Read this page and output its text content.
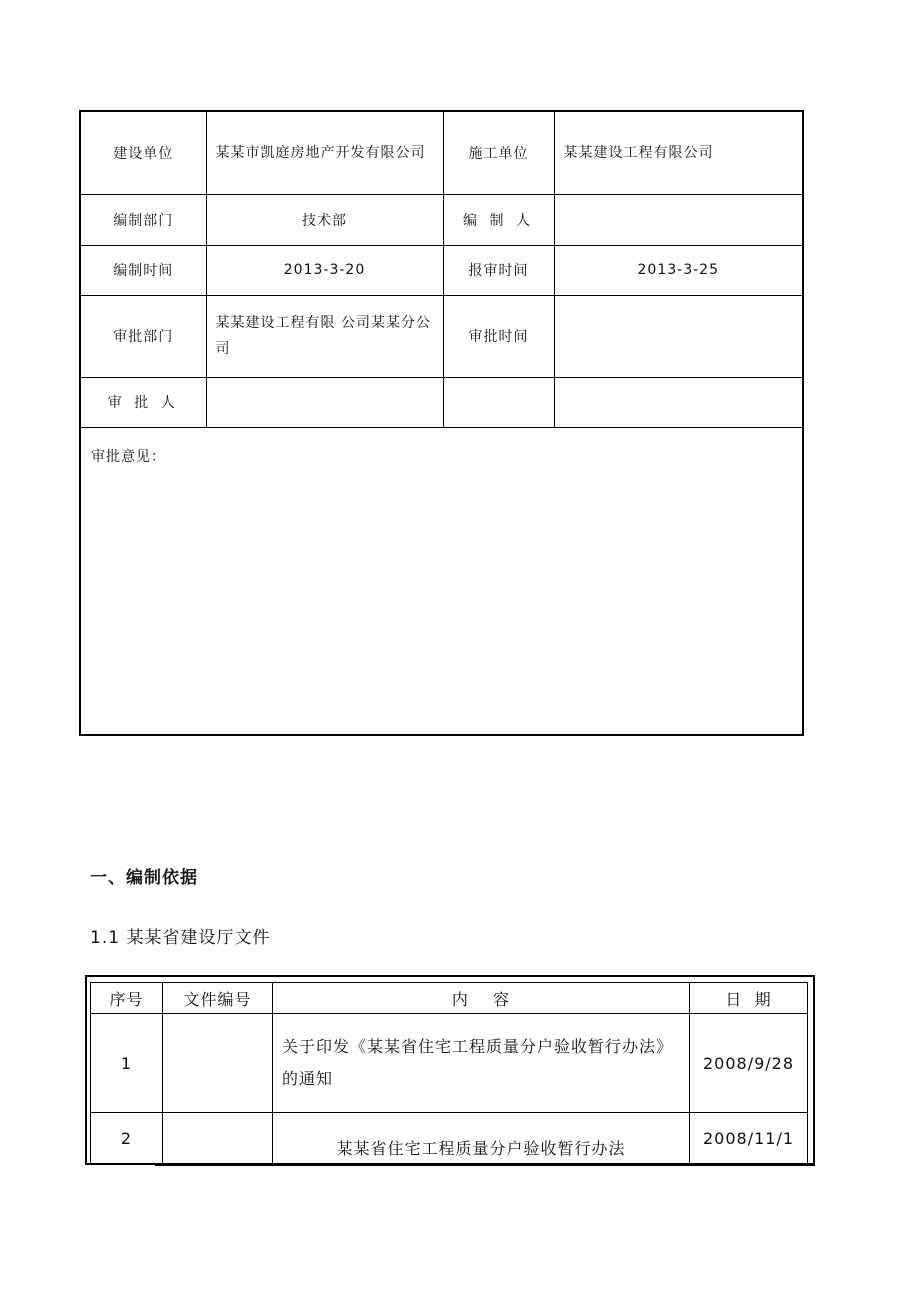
建设单位	某某市凯庭房地产开发有限公司	施工单位	某某建设工程有限公司
编制部门	技术部	编 制 人	
编制时间	2013-3-20	报审时间	2013-3-25
审批部门	某某建设工程有限 公司某某分公司	审批时间	
审 批 人			
审批意见：
一、编制依据
1.1 某某省建设厅文件
序号	文件编号	内    容	日  期
1		关于印发《某某省住宅工程质量分户验收暂行办法》的通知	2008/9/28
2		某某省住宅工程质量分户验收暂行办法	2008/11/1
